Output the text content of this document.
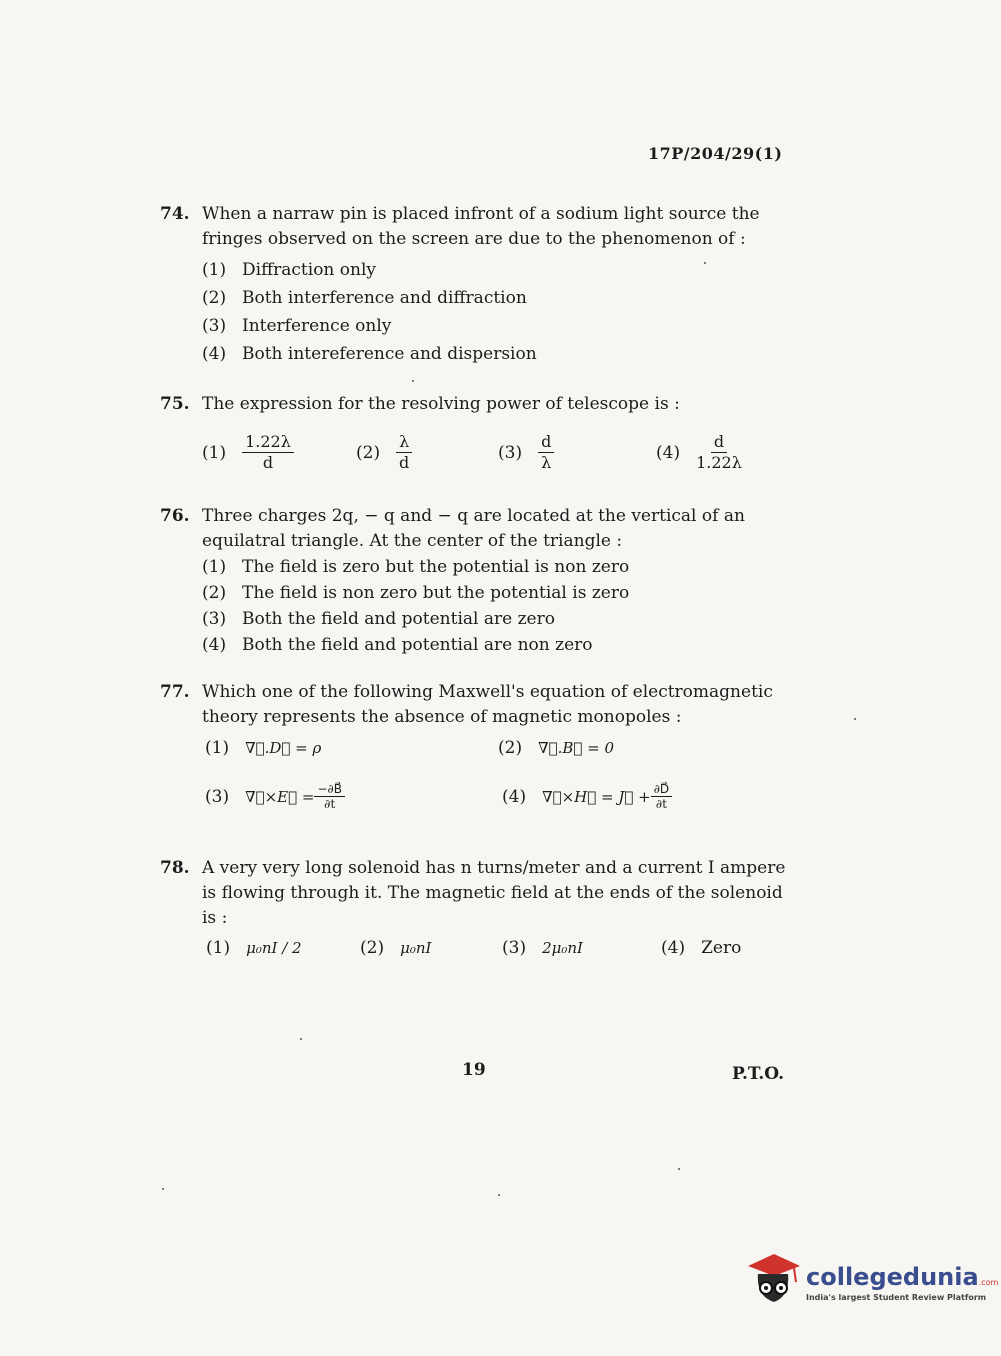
17P/204/29(1)
74. When a narraw pin is placed infront of a sodium light source the fringes observed on the screen are due to the phenomenon of :
(1) Diffraction only
(2) Both interference and diffraction
(3) Interference only
(4) Both intereference and dispersion
75. The expression for the resolving power of telescope is :
$(1) \frac{1.22\lambda}{d}$	$(2) \frac{\lambda}{d}$	$(3) \frac{d}{\lambda}$	$(4) \frac{d}{1.22\lambda}$
76. Three charges 2q, − q and − q are located at the vertical of an equilatral triangle. At the center of the triangle :
(1) The field is zero but the potential is non zero
(2) The field is non zero but the potential is zero
(3) Both the field and potential are zero
(4) Both the field and potential are non zero
77. Which one of the following Maxwell's equation of electromagnetic theory represents the absence of magnetic monopoles :
(1) ∇⃗.D⃗ = ρ	(2) ∇⃗.B⃗ = 0
(3) ∇⃗×E⃗ = $\frac{-\partial B⃗}{\partial t}$	(4) ∇⃗×H⃗ = J⃗ + $\frac{\partial D⃗}{\partial t}$
78. A very very long solenoid has n turns/meter and a current I ampere is flowing through it. The magnetic field at the ends of the solenoid is :
(1) μ₀nI / 2	(2) μ₀nI	(3) 2μ₀nI	(4) Zero
19	P.T.O.
collegedunia.com
India's largest Student Review Platform
